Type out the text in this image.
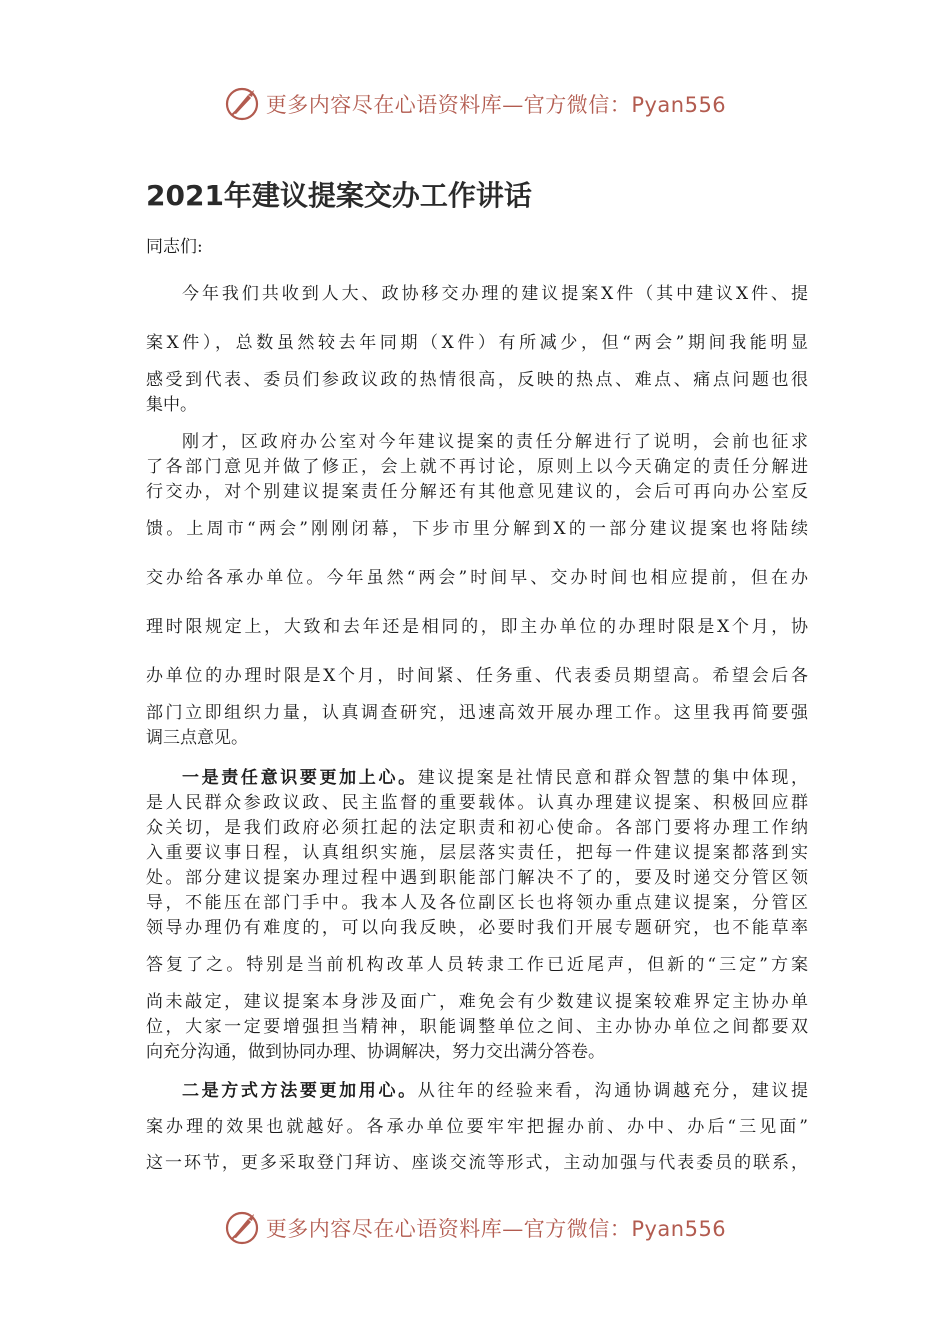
更多内容尽在心语资料库—官方微信：Pyan556
2021年建议提案交办工作讲话

同志们:

今年我们共收到人大、政协移交办理的建议提案X件（其中建议X件、提
案X件），总数虽然较去年同期（X件）有所减少，但“两会”期间我能明显
感受到代表、委员们参政议政的热情很高，反映的热点、难点、痛点问题也很
集中。
刚才，区政府办公室对今年建议提案的责任分解进行了说明，会前也征求
了各部门意见并做了修正，会上就不再讨论，原则上以今天确定的责任分解进
行交办，对个别建议提案责任分解还有其他意见建议的，会后可再向办公室反
馈。上周市“两会”刚刚闭幕，下步市里分解到X的一部分建议提案也将陆续
交办给各承办单位。今年虽然“两会”时间早、交办时间也相应提前，但在办
理时限规定上，大致和去年还是相同的，即主办单位的办理时限是X个月，协
办单位的办理时限是X个月，时间紧、任务重、代表委员期望高。希望会后各
部门立即组织力量，认真调查研究，迅速高效开展办理工作。这里我再简要强
调三点意见。
一是责任意识要更加上心。建议提案是社情民意和群众智慧的集中体现，
是人民群众参政议政、民主监督的重要载体。认真办理建议提案、积极回应群
众关切，是我们政府必须扛起的法定职责和初心使命。各部门要将办理工作纳
入重要议事日程，认真组织实施，层层落实责任，把每一件建议提案都落到实
处。部分建议提案办理过程中遇到职能部门解决不了的，要及时递交分管区领
导，不能压在部门手中。我本人及各位副区长也将领办重点建议提案，分管区
领导办理仍有难度的，可以向我反映，必要时我们开展专题研究，也不能草率
答复了之。特别是当前机构改革人员转隶工作已近尾声，但新的“三定”方案
尚未敲定，建议提案本身涉及面广，难免会有少数建议提案较难界定主协办单
位，大家一定要增强担当精神，职能调整单位之间、主办协办单位之间都要双
向充分沟通，做到协同办理、协调解决，努力交出满分答卷。
二是方式方法要更加用心。从往年的经验来看，沟通协调越充分，建议提
案办理的效果也就越好。各承办单位要牢牢把握办前、办中、办后“三见面”
这一环节，更多采取登门拜访、座谈交流等形式，主动加强与代表委员的联系，
更多内容尽在心语资料库—官方微信：Pyan556
